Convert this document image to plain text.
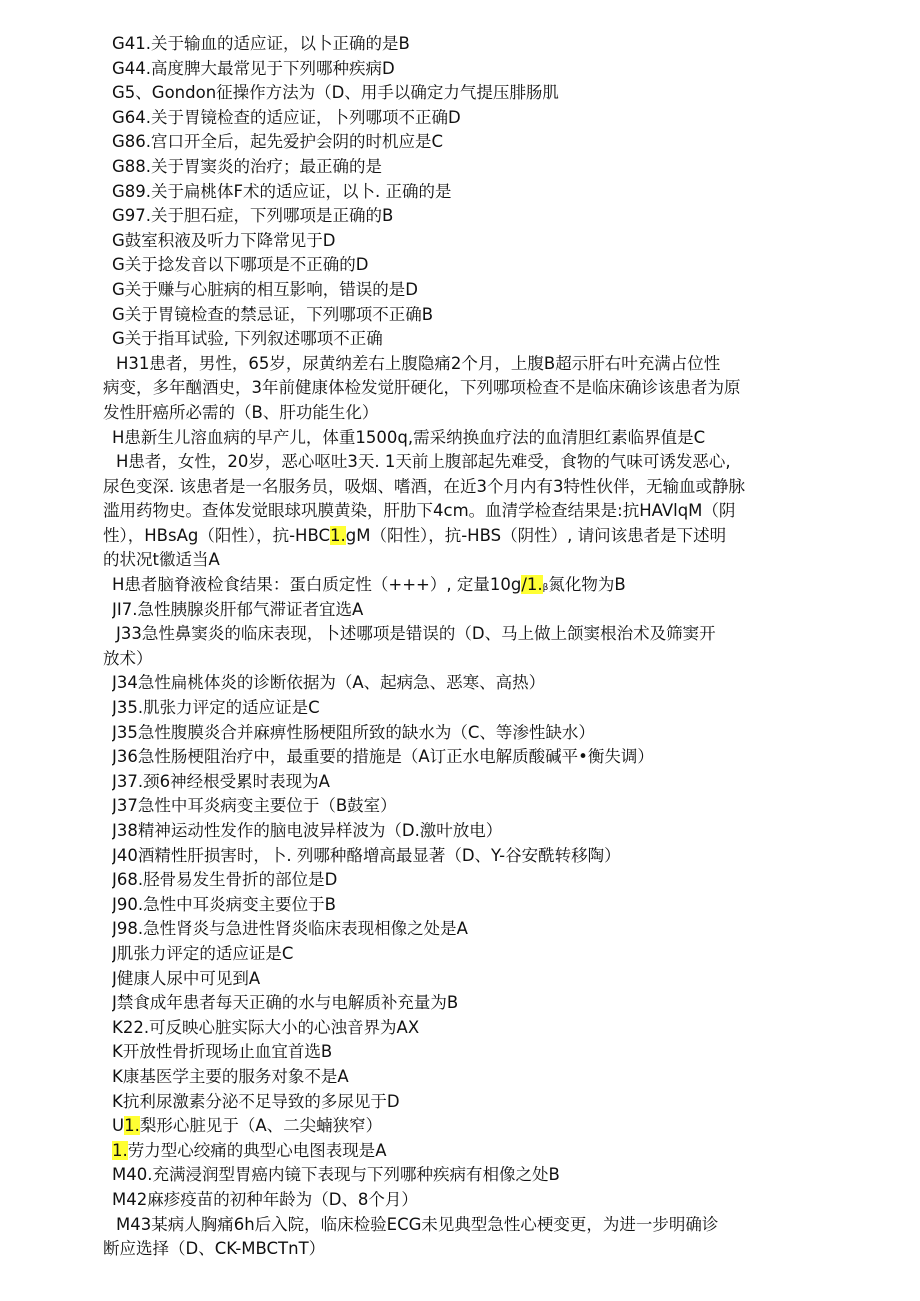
G41.关于输血的适应证，以卜正确的是B
G44.高度脾大最常见于下列哪种疾病D
G5、Gondon征操作方法为（D、用手以确定力气提压腓肠肌
G64.关于胃镜检查的适应证，卜列哪项不正确D
G86.宫口开全后，起先爱护会阴的时机应是C
G88.关于胃窦炎的治疗；最正确的是
G89.关于扁桃体F术的适应证，以卜. 正确的是
G97.关于胆石症，下列哪项是正确的B
G鼓室积液及听力下降常见于D
G关于捻发音以下哪项是不正确的D
G关于赚与心脏病的相互影响，错误的是D
G关于胃镜检查的禁忌证，下列哪项不正确B
G关于指耳试验, 下列叙述哪项不正确
H31患者，男性，65岁，尿黄纳差右上腹隐痛2个月，上腹B超示肝右叶充满占位性
病变，多年酗酒史，3年前健康体检发觉肝硬化，下列哪项检查不是临床确诊该患者为原
发性肝癌所必需的（B、肝功能生化）
H患新生儿溶血病的早产儿，体重1500q,需采纳换血疗法的血清胆红素临界值是C
H患者，女性，20岁，恶心呕吐3天. 1天前上腹部起先难受，食物的气味可诱发恶心,
尿色变深. 该患者是一名服务员，吸烟、嗜酒，在近3个月内有3特性伙伴，无输血或静脉
滥用药物史。查体发觉眼球巩膜黄染，肝肋下4cm。血清学检查结果是:抗HAVlqM（阴
性），HBsAg（阳性），抗-HBC1.gM（阳性），抗-HBS（阴性）, 请问该患者是下述明
的状况t徽适当A
H患者脑脊液检食结果：蛋白质定性（+++）, 定量10g/1.β氮化物为B
JI7.急性胰腺炎肝郁气滞证者宜选A
J33急性鼻窦炎的临床表现，卜述哪项是错误的（D、马上做上颌窦根治术及筛窦开
放术）
J34急性扁桃体炎的诊断依据为（A、起病急、恶寒、高热）
J35.肌张力评定的适应证是C
J35急性腹膜炎合并麻痹性肠梗阻所致的缺水为（C、等渗性缺水）
J36急性肠梗阻治疗中，最重要的措施是（A订正水电解质酸碱平•衡失调）
J37.颈6神经根受累时表现为A
J37急性中耳炎病变主要位于（B鼓室）
J38精神运动性发作的脑电波异样波为（D.激叶放电）
J40酒精性肝损害时，卜. 列哪种酪增高最显著（D、Y-谷安酰转移陶）
J68.胫骨易发生骨折的部位是D
J90.急性中耳炎病变主要位于B
J98.急性肾炎与急进性肾炎临床表现相像之处是A
J肌张力评定的适应证是C
J健康人尿中可见到A
J禁食成年患者每天正确的水与电解质补充量为B
K22.可反映心脏实际大小的心浊音界为AX
K开放性骨折现场止血宜首选B
K康基医学主要的服务对象不是A
K抗利尿激素分泌不足导致的多尿见于D
U1.梨形心脏见于（A、二尖蝻狭窄）
1.劳力型心绞痛的典型心电图表现是A
M40.充满浸润型胃癌内镜下表现与下列哪种疾病有相像之处B
M42麻疹疫苗的初种年龄为（D、8个月）
M43某病人胸痛6h后入院，临床检验ECG未见典型急性心梗变更，为进一步明确诊
断应选择（D、CK-MBCTnT）
